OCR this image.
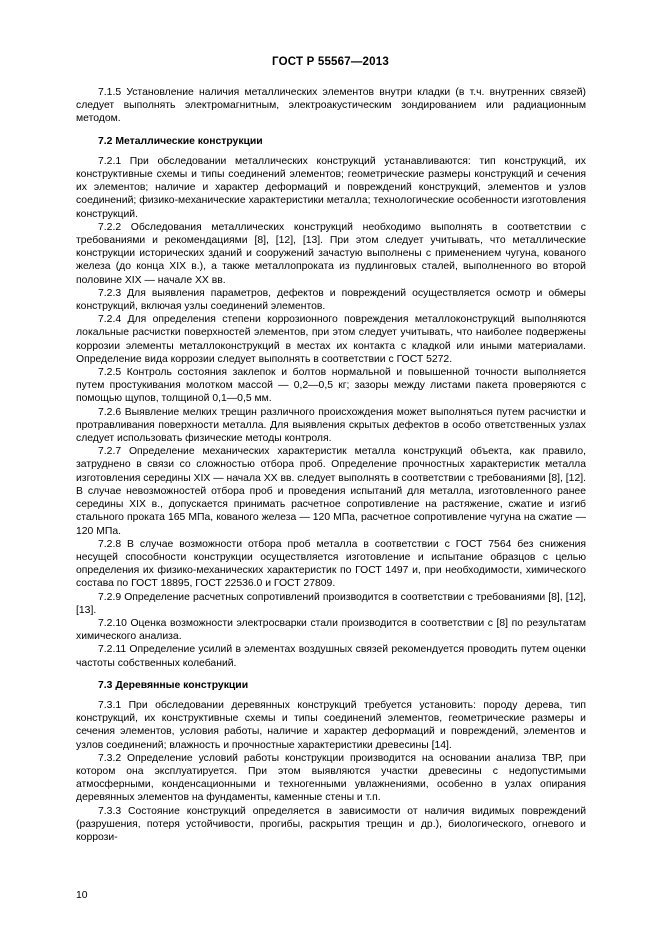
ГОСТ Р 55567—2013

7.1.5 Установление наличия металлических элементов внутри кладки (в т.ч. внутренних связей) следует выполнять электромагнитным, электроакустическим зондированием или радиационным методом.

7.2 Металлические конструкции

7.2.1 При обследовании металлических конструкций устанавливаются: тип конструкций, их конструктивные схемы и типы соединений элементов; геометрические размеры конструкций и сечения их элементов; наличие и характер деформаций и повреждений конструкций, элементов и узлов соединений; физико-механические характеристики металла; технологические особенности изготовления конструкций.

7.2.2 Обследования металлических конструкций необходимо выполнять в соответствии с требованиями и рекомендациями [8], [12], [13]. При этом следует учитывать, что металлические конструкции исторических зданий и сооружений зачастую выполнены с применением чугуна, кованого железа (до конца XIX в.), а также металлопроката из пудлинговых сталей, выполненного во второй половине XIX — начале XX вв.

7.2.3 Для выявления параметров, дефектов и повреждений осуществляется осмотр и обмеры конструкций, включая узлы соединений элементов.

7.2.4 Для определения степени коррозионного повреждения металлоконструкций выполняются локальные расчистки поверхностей элементов, при этом следует учитывать, что наиболее подвержены коррозии элементы металлоконструкций в местах их контакта с кладкой или иными материалами. Определение вида коррозии следует выполнять в соответствии с ГОСТ 5272.

7.2.5 Контроль состояния заклепок и болтов нормальной и повышенной точности выполняется путем простукивания молотком массой — 0,2—0,5 кг; зазоры между листами пакета проверяются с помощью щупов, толщиной 0,1—0,5 мм.

7.2.6 Выявление мелких трещин различного происхождения может выполняться путем расчистки и протравливания поверхности металла. Для выявления скрытых дефектов в особо ответственных узлах следует использовать физические методы контроля.

7.2.7 Определение механических характеристик металла конструкций объекта, как правило, затруднено в связи со сложностью отбора проб. Определение прочностных характеристик металла изготовления середины XIX — начала XX вв. следует выполнять в соответствии с требованиями [8], [12]. В случае невозможностей отбора проб и проведения испытаний для металла, изготовленного ранее середины XIX в., допускается принимать расчетное сопротивление на растяжение, сжатие и изгиб стального проката 165 МПа, кованого железа — 120 МПа, расчетное сопротивление чугуна на сжатие — 120 МПа.

7.2.8 В случае возможности отбора проб металла в соответствии с ГОСТ 7564 без снижения несущей способности конструкции осуществляется изготовление и испытание образцов с целью определения их физико-механических характеристик по ГОСТ 1497 и, при необходимости, химического состава по ГОСТ 18895, ГОСТ 22536.0 и ГОСТ 27809.

7.2.9 Определение расчетных сопротивлений производится в соответствии с требованиями [8], [12], [13].

7.2.10 Оценка возможности электросварки стали производится в соответствии с [8] по результатам химического анализа.

7.2.11 Определение усилий в элементах воздушных связей рекомендуется проводить путем оценки частоты собственных колебаний.

7.3 Деревянные конструкции

7.3.1 При обследовании деревянных конструкций требуется установить: породу дерева, тип конструкций, их конструктивные схемы и типы соединений элементов, геометрические размеры и сечения элементов, условия работы, наличие и характер деформаций и повреждений, элементов и узлов соединений; влажность и прочностные характеристики древесины [14].

7.3.2 Определение условий работы конструкции производится на основании анализа ТВР, при котором она эксплуатируется. При этом выявляются участки древесины с недопустимыми атмосферными, конденсационными и техногенными увлажнениями, особенно в узлах опирания деревянных элементов на фундаменты, каменные стены и т.п.

7.3.3 Состояние конструкций определяется в зависимости от наличия видимых повреждений (разрушения, потеря устойчивости, прогибы, раскрытия трещин и др.), биологического, огневого и коррози-

10
